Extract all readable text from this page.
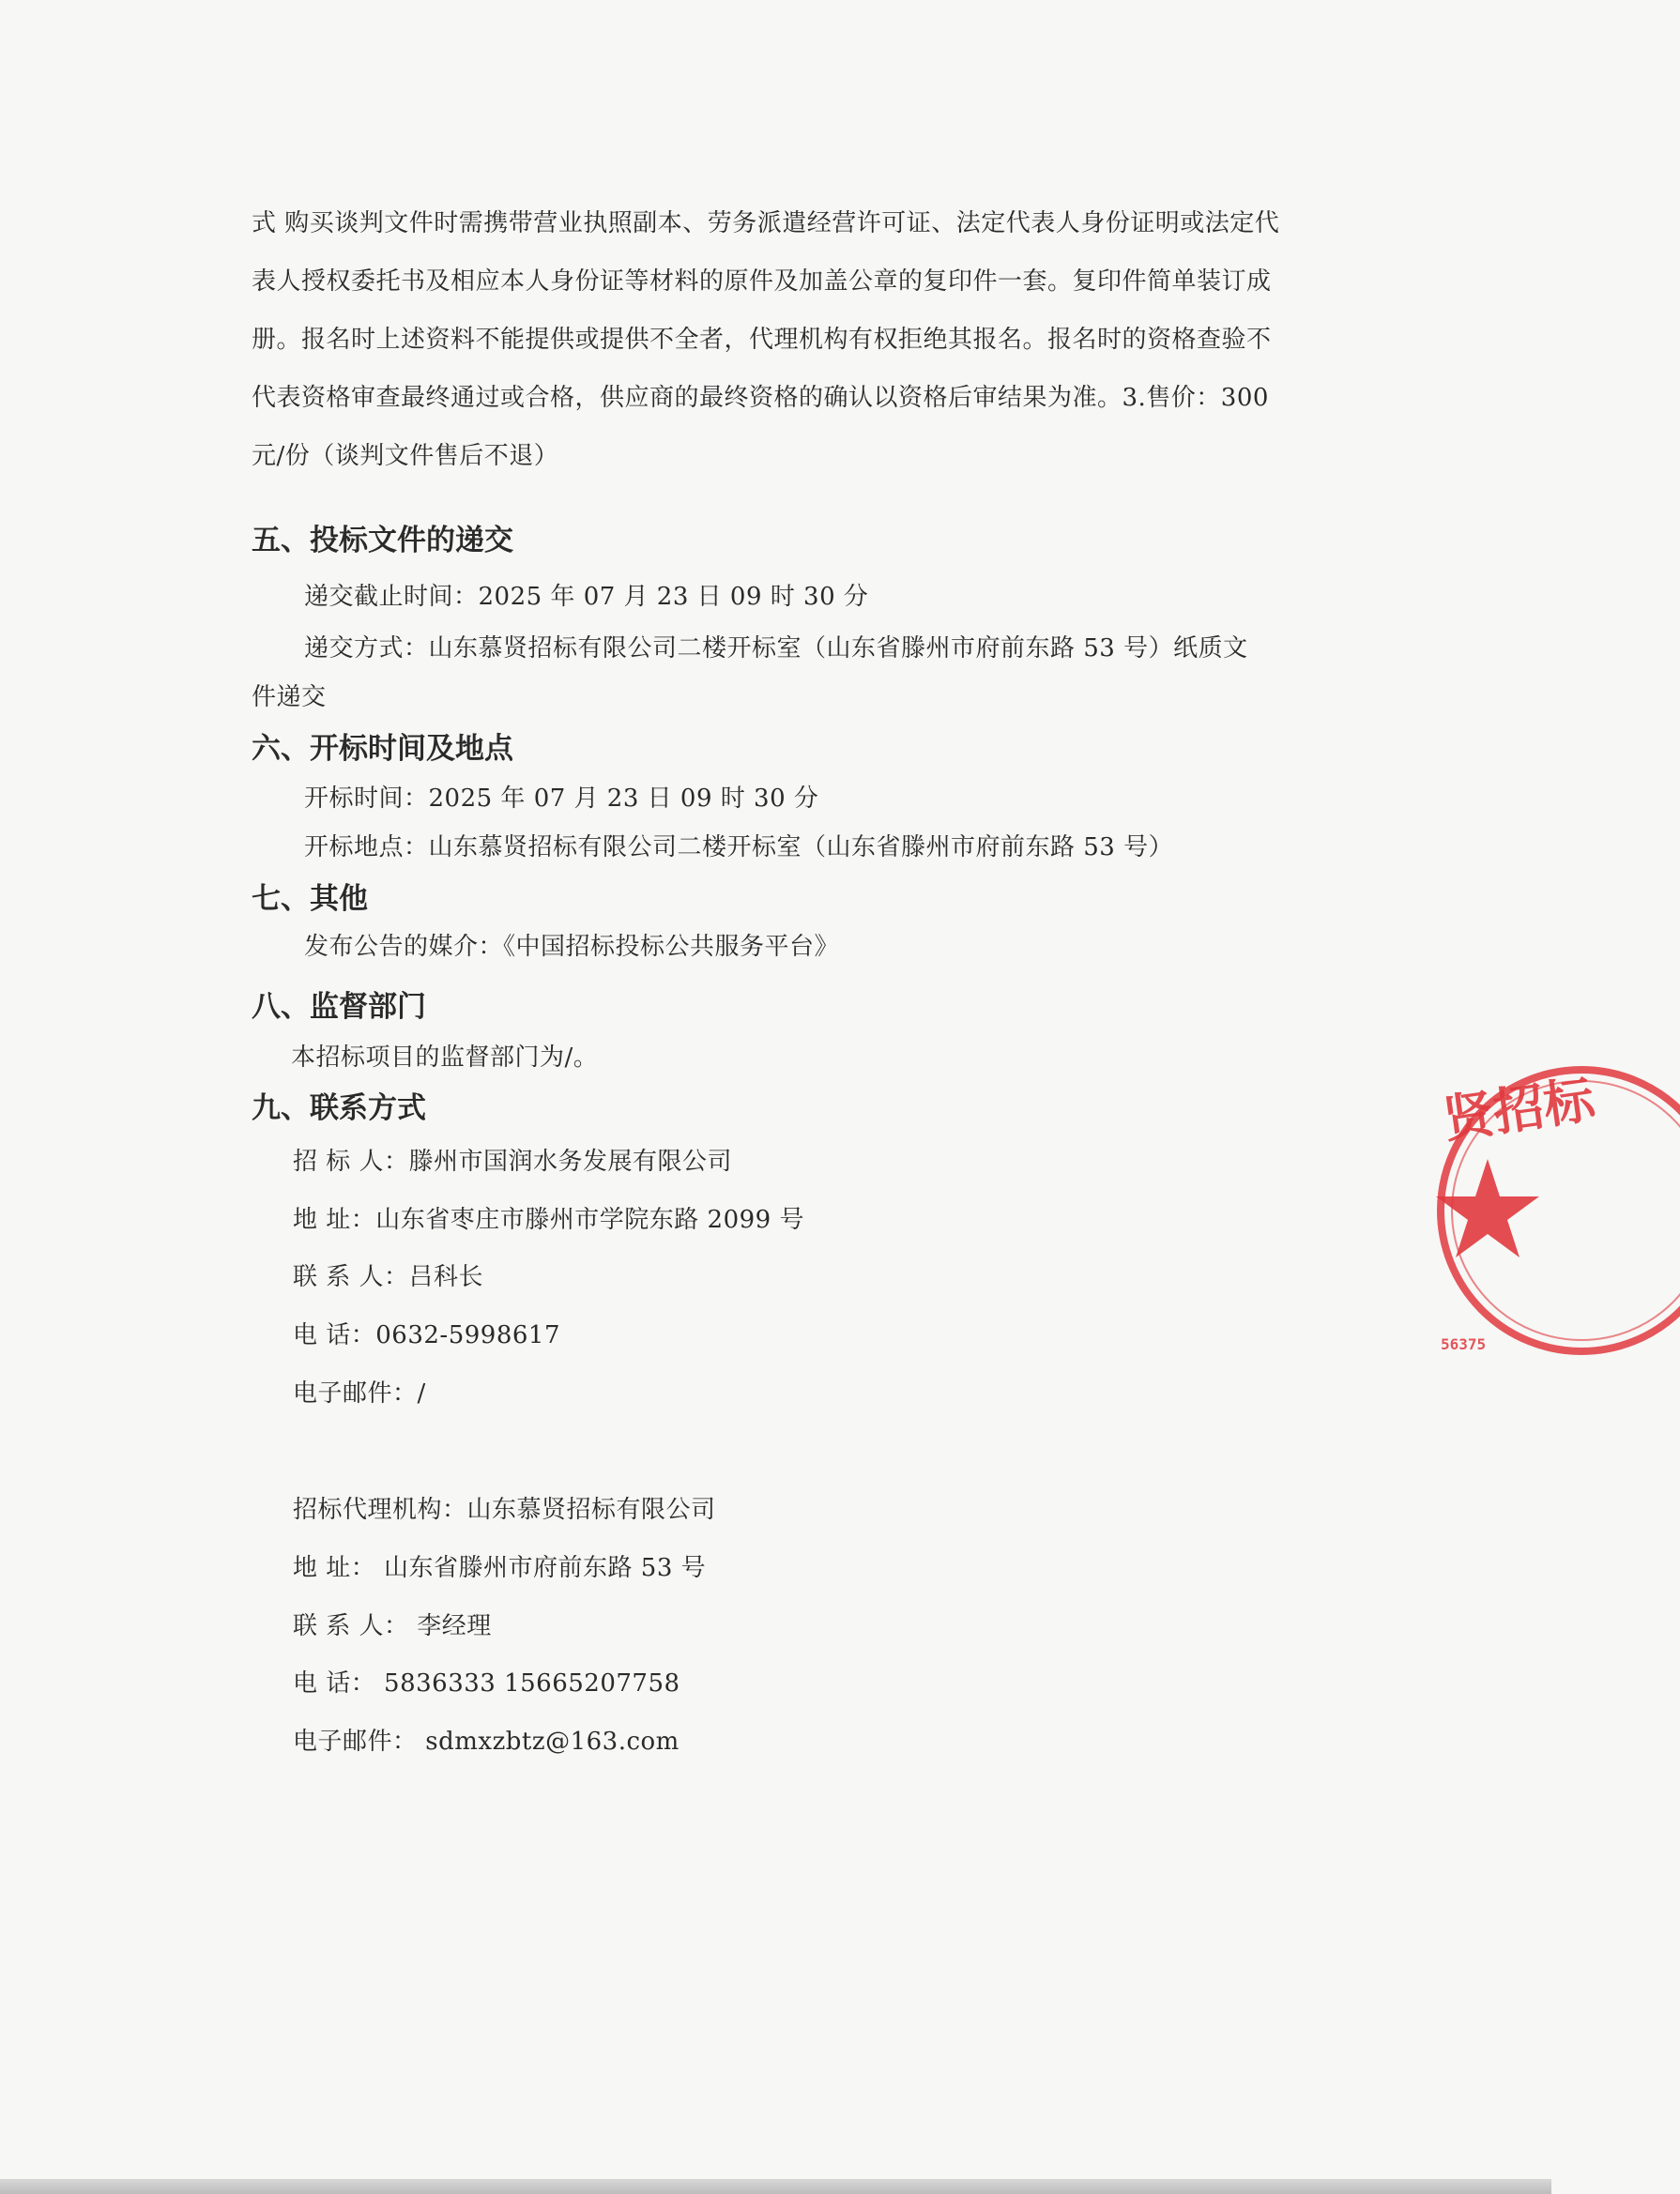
式 购买谈判文件时需携带营业执照副本、劳务派遣经营许可证、法定代表人身份证明或法定代表人授权委托书及相应本人身份证等材料的原件及加盖公章的复印件一套。复印件简单装订成册。报名时上述资料不能提供或提供不全者，代理机构有权拒绝其报名。报名时的资格查验不代表资格审查最终通过或合格，供应商的最终资格的确认以资格后审结果为准。3.售价：300 元/份（谈判文件售后不退）
五、投标文件的递交
递交截止时间：2025 年 07 月 23 日 09 时 30 分
递交方式：山东慕贤招标有限公司二楼开标室（山东省滕州市府前东路 53 号）纸质文
件递交
六、开标时间及地点
开标时间：2025 年 07 月 23 日 09 时 30 分
开标地点：山东慕贤招标有限公司二楼开标室（山东省滕州市府前东路 53 号）
七、其他
发布公告的媒介：《中国招标投标公共服务平台》
八、监督部门
本招标项目的监督部门为/。
九、联系方式
招 标 人：滕州市国润水务发展有限公司
地 址：山东省枣庄市滕州市学院东路 2099 号
联 系 人：吕科长
电 话：0632-5998617
电子邮件：/
招标代理机构：山东慕贤招标有限公司
地 址： 山东省滕州市府前东路 53 号
联 系 人： 李经理
电 话： 5836333 15665207758
电子邮件： sdmxzbtz@163.com
贤招标
56375
